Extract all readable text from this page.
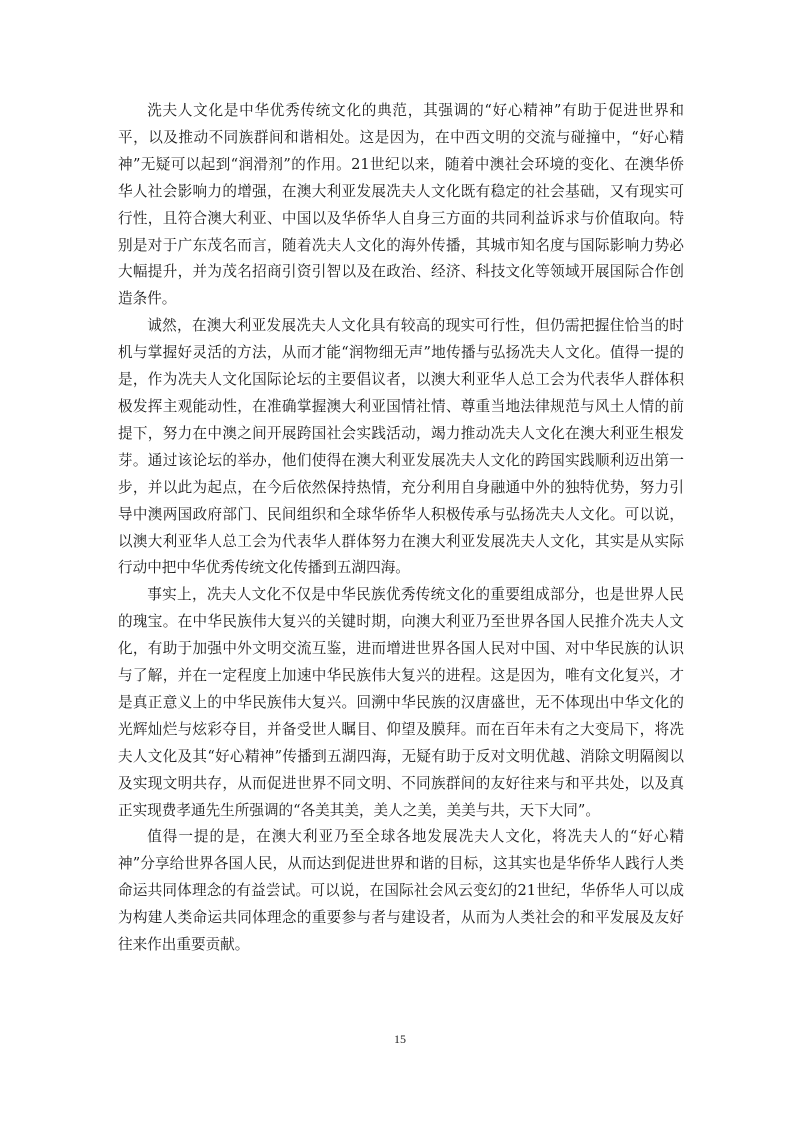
洗夫人文化是中华优秀传统文化的典范，其强调的“好心精神”有助于促进世界和平，以及推动不同族群间和谐相处。这是因为，在中西文明的交流与碰撞中，“好心精神”无疑可以起到“润滑剂”的作用。21世纪以来，随着中澳社会环境的变化、在澳华侨华人社会影响力的增强，在澳大利亚发展冼夫人文化既有稳定的社会基础，又有现实可行性，且符合澳大利亚、中国以及华侨华人自身三方面的共同利益诉求与价值取向。特别是对于广东茂名而言，随着冼夫人文化的海外传播，其城市知名度与国际影响力势必大幅提升，并为茂名招商引资引智以及在政治、经济、科技文化等领域开展国际合作创造条件。

诚然，在澳大利亚发展冼夫人文化具有较高的现实可行性，但仍需把握住恰当的时机与掌握好灵活的方法，从而才能“润物细无声”地传播与弘扬冼夫人文化。值得一提的是，作为冼夫人文化国际论坛的主要倡议者，以澳大利亚华人总工会为代表华人群体积极发挥主观能动性，在准确掌握澳大利亚国情社情、尊重当地法律规范与风土人情的前提下，努力在中澳之间开展跨国社会实践活动，竭力推动冼夫人文化在澳大利亚生根发芽。通过该论坛的举办，他们使得在澳大利亚发展冼夫人文化的跨国实践顺利迈出第一步，并以此为起点，在今后依然保持热情，充分利用自身融通中外的独特优势，努力引导中澳两国政府部门、民间组织和全球华侨华人积极传承与弘扬冼夫人文化。可以说，以澳大利亚华人总工会为代表华人群体努力在澳大利亚发展冼夫人文化，其实是从实际行动中把中华优秀传统文化传播到五湖四海。

事实上，冼夫人文化不仅是中华民族优秀传统文化的重要组成部分，也是世界人民的瑰宝。在中华民族伟大复兴的关键时期，向澳大利亚乃至世界各国人民推介冼夫人文化，有助于加强中外文明交流互鉴，进而增进世界各国人民对中国、对中华民族的认识与了解，并在一定程度上加速中华民族伟大复兴的进程。这是因为，唯有文化复兴，才是真正意义上的中华民族伟大复兴。回溯中华民族的汉唐盛世，无不体现出中华文化的光辉灿烂与炫彩夺目，并备受世人瞩目、仰望及膜拜。而在百年未有之大变局下，将冼夫人文化及其“好心精神”传播到五湖四海，无疑有助于反对文明优越、消除文明隔阂以及实现文明共存，从而促进世界不同文明、不同族群间的友好往来与和平共处，以及真正实现费孝通先生所强调的“各美其美，美人之美，美美与共，天下大同”。

值得一提的是，在澳大利亚乃至全球各地发展冼夫人文化，将冼夫人的“好心精神”分享给世界各国人民，从而达到促进世界和谐的目标，这其实也是华侨华人践行人类命运共同体理念的有益尝试。可以说，在国际社会风云变幻的21世纪，华侨华人可以成为构建人类命运共同体理念的重要参与者与建设者，从而为人类社会的和平发展及友好往来作出重要贡献。

15
